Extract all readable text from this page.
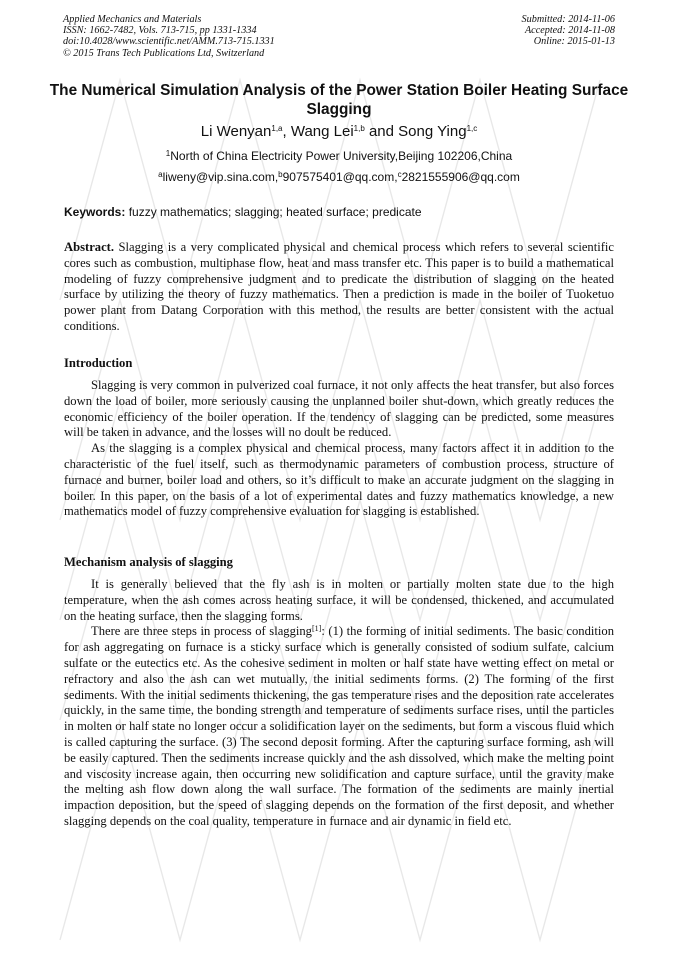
Applied Mechanics and Materials
ISSN: 1662-7482, Vols. 713-715, pp 1331-1334
doi:10.4028/www.scientific.net/AMM.713-715.1331
© 2015 Trans Tech Publications Ltd, Switzerland
Submitted: 2014-11-06
Accepted: 2014-11-08
Online: 2015-01-13
The Numerical Simulation Analysis of the Power Station Boiler Heating Surface Slagging
Li Wenyan$^{1,a}$, Wang Lei$^{1,b}$ and Song Ying$^{1,c}$
$^1$North of China Electricity Power University,Beijing 102206,China
$^a$liweny@vip.sina.com,$^b$907575401@qq.com,$^c$2821555906@qq.com
Keywords: fuzzy mathematics; slagging; heated surface; predicate

Abstract. Slagging is a very complicated physical and chemical process which refers to several scientific cores such as combustion, multiphase flow, heat and mass transfer etc. This paper is to build a mathematical modeling of fuzzy comprehensive judgment and to predicate the distribution of slagging on the heated surface by utilizing the theory of fuzzy mathematics. Then a prediction is made in the boiler of Tuoketuo power plant from Datang Corporation with this method, the results are better consistent with the actual conditions.

Introduction

Slagging is very common in pulverized coal furnace, it not only affects the heat transfer, but also forces down the load of boiler, more seriously causing the unplanned boiler shut-down, which greatly reduces the economic efficiency of the boiler operation. If the tendency of slagging can be predicted, some measures will be taken in advance, and the losses will no doult be reduced.

As the slagging is a complex physical and chemical process, many factors affect it in addition to the characteristic of the fuel itself, such as thermodynamic parameters of combustion process, structure of furnace and burner, boiler load and others, so it’s difficult to make an accurate judgment on the slagging in boiler. In this paper, on the basis of a lot of experimental dates and fuzzy mathematics knowledge, a new mathematics model of fuzzy comprehensive evaluation for slagging is established.

Mechanism analysis of slagging

It is generally believed that the fly ash is in molten or partially molten state due to the high temperature, when the ash comes across heating surface, it will be condensed, thickened, and accumulated on the heating surface, then the slagging forms.

There are three steps in process of slagging[1]: (1) the forming of initial sediments. The basic condition for ash aggregating on furnace is a sticky surface which is generally consisted of sodium sulfate, calcium sulfate or the eutectics etc. As the cohesive sediment in molten or half state have wetting effect on metal or refractory and also the ash can wet mutually, the initial sediments forms. (2) The forming of the first sediments. With the initial sediments thickening, the gas temperature rises and the deposition rate accelerates quickly, in the same time, the bonding strength and temperature of sediments surface rises, until the particles in molten or half state no longer occur a solidification layer on the sediments, but form a viscous fluid which is called capturing the surface. (3) The second deposit forming. After the capturing surface forming, ash will be easily captured. Then the sediments increase quickly and the ash dissolved, which make the melting point and viscosity increase again, then occurring new solidification and capture surface, until the gravity make the melting ash flow down along the wall surface. The formation of the sediments are mainly inertial impaction deposition, but the speed of slagging depends on the formation of the first deposit, and whether slagging depends on the coal quality, temperature in furnace and air dynamic in field etc.
